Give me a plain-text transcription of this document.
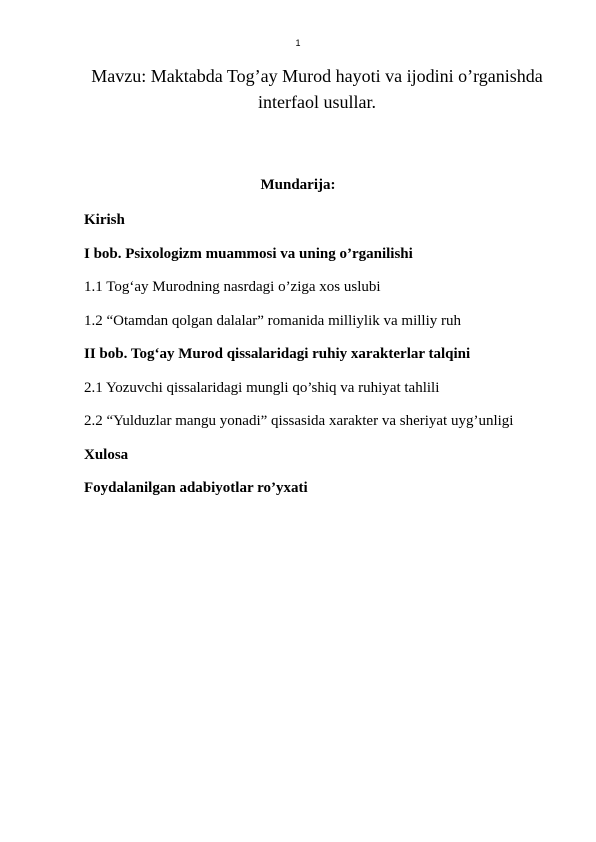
1
Mavzu: Maktabda Tog’ay Murod hayoti va ijodini o’rganishda
interfaol usullar.
Mundarija:
Kirish
I bob. Psixologizm muammosi va uning o’rganilishi
1.1 Tog‘ay Murodning nasrdagi o’ziga xos uslubi
1.2 “Otamdan qolgan dalalar” romanida milliylik va milliy ruh
II bob. Tog‘ay Murod qissalaridagi ruhiy xarakterlar talqini
2.1 Yozuvchi qissalaridagi mungli qo’shiq va ruhiyat tahlili
2.2 “Yulduzlar mangu yonadi” qissasida xarakter va sheriyat uyg’unligi
Xulosa
Foydalanilgan adabiyotlar ro’yxati
